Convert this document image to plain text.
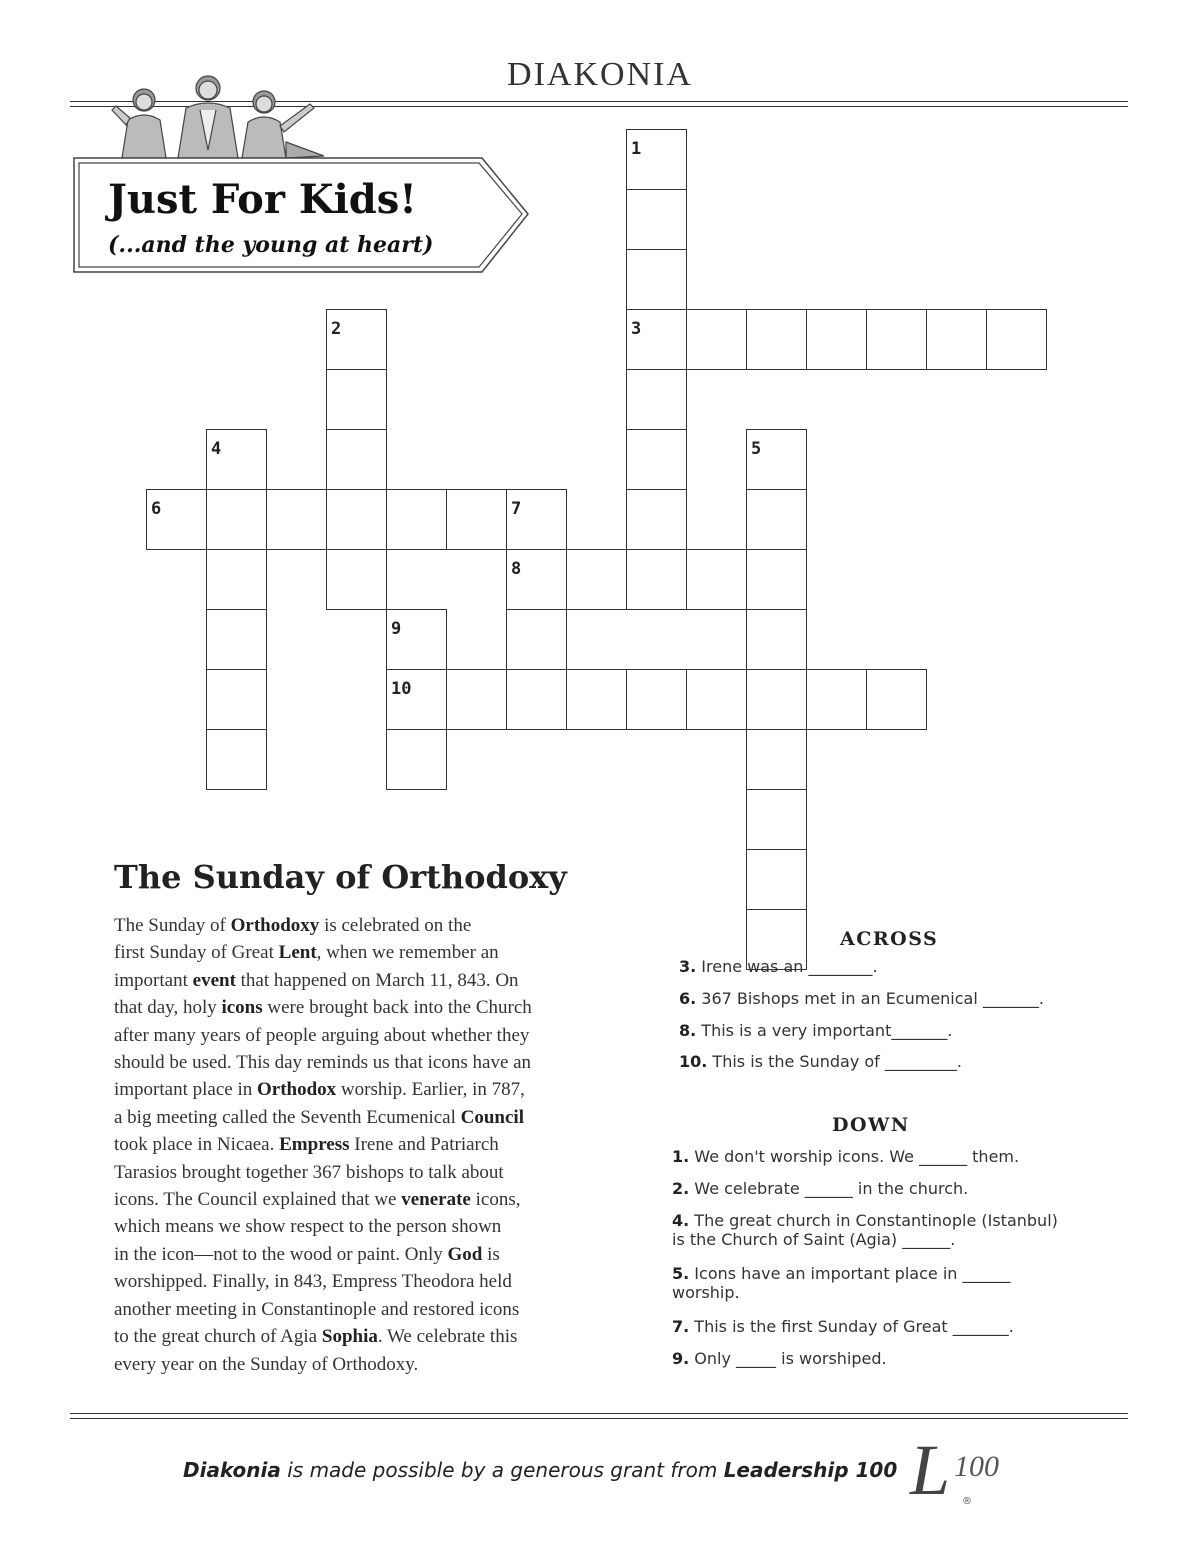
DIAKONIA
Just For Kids!
(...and the young at heart)
1
2	3
4	5
6	7
8
9
10
The Sunday of Orthodoxy
The Sunday of Orthodoxy is celebrated on the
first Sunday of Great Lent, when we remember an
important event that happened on March 11, 843. On
that day, holy icons were brought back into the Church
after many years of people arguing about whether they
should be used. This day reminds us that icons have an
important place in Orthodox worship. Earlier, in 787,
a big meeting called the Seventh Ecumenical Council
took place in Nicaea. Empress Irene and Patriarch
Tarasios brought together 367 bishops to talk about
icons. The Council explained that we venerate icons,
which means we show respect to the person shown
in the icon—not to the wood or paint. Only God is
worshipped. Finally, in 843, Empress Theodora held
another meeting in Constantinople and restored icons
to the great church of Agia Sophia. We celebrate this
every year on the Sunday of Orthodoxy.
ACROSS
3. Irene was an ________.
6. 367 Bishops met in an Ecumenical _______.
8. This is a very important_______.
10. This is the Sunday of _________.
DOWN
1. We don't worship icons. We ______ them.
2. We celebrate ______ in the church.
4. The great church in Constantinople (Istanbul)
is the Church of Saint (Agia) ______.
5. Icons have an important place in ______
worship.
7. This is the first Sunday of Great _______.
9. Only _____ is worshiped.
Diakonia is made possible by a generous grant from Leadership 100 L 100
®
